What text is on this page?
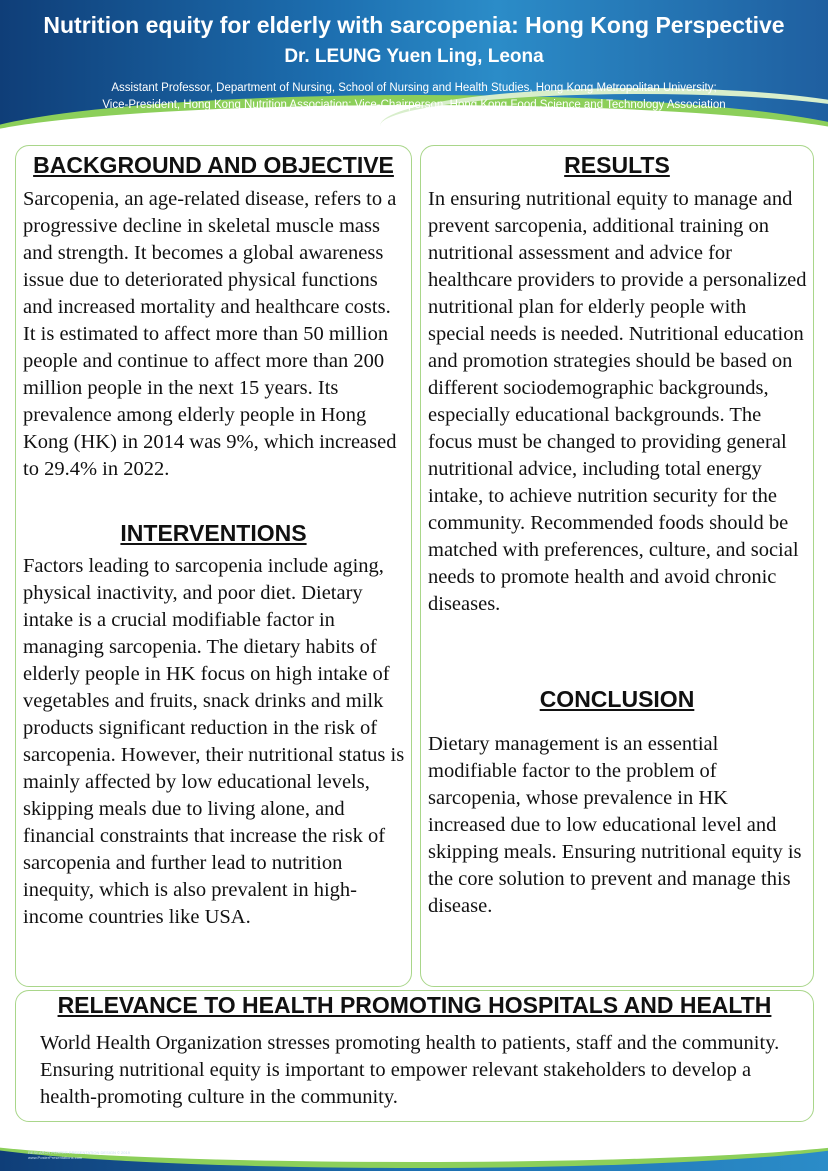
Nutrition equity for elderly with sarcopenia: Hong Kong Perspective
Dr. LEUNG Yuen Ling, Leona
Assistant Professor, Department of Nursing, School of Nursing and Health Studies, Hong Kong Metropolitan University;
Vice-President, Hong Kong Nutrition Association; Vice-Chairperson, Hong Kong Food Science and Technology Association
BACKGROUND AND OBJECTIVE
Sarcopenia, an age-related disease, refers to a progressive decline in skeletal muscle mass and strength. It becomes a global awareness issue due to deteriorated physical functions and increased mortality and healthcare costs. It is estimated to affect more than 50 million people and continue to affect more than 200 million people in the next 15 years. Its prevalence among elderly people in Hong Kong (HK) in 2014 was 9%, which increased to 29.4% in 2022.
INTERVENTIONS
Factors leading to sarcopenia include aging, physical inactivity, and poor diet. Dietary intake is a crucial modifiable factor in managing sarcopenia. The dietary habits of elderly people in HK focus on high intake of vegetables and fruits, snack drinks and milk products significant reduction in the risk of sarcopenia. However, their nutritional status is mainly affected by low educational levels, skipping meals due to living alone, and financial constraints that increase the risk of sarcopenia and further lead to nutrition inequity, which is also prevalent in high-income countries like USA.
RESULTS
In ensuring nutritional equity to manage and prevent sarcopenia, additional training on nutritional assessment and advice for healthcare providers to provide a personalized nutritional plan for elderly people with special needs is needed. Nutritional education and promotion strategies should be based on different sociodemographic backgrounds, especially educational backgrounds. The focus must be changed to providing general nutritional advice, including total energy intake, to achieve nutrition security for the community. Recommended foods should be matched with preferences, culture, and social needs to promote health and avoid chronic diseases.
CONCLUSION
Dietary management is an essential modifiable factor to the problem of sarcopenia, whose prevalence in HK increased due to low educational level and skipping meals. Ensuring nutritional equity is the core solution to prevent and manage this disease.
RELEVANCE TO HEALTH PROMOTING HOSPITALS AND HEALTH
World Health Organization stresses promoting health to patients, staff and the community. Ensuring nutritional equity is important to empower relevant stakeholders to develop a health-promoting culture in the community.
RESEARCH POSTER PRESENTATION DESIGN © 2019
www.PosterPresentations.com
